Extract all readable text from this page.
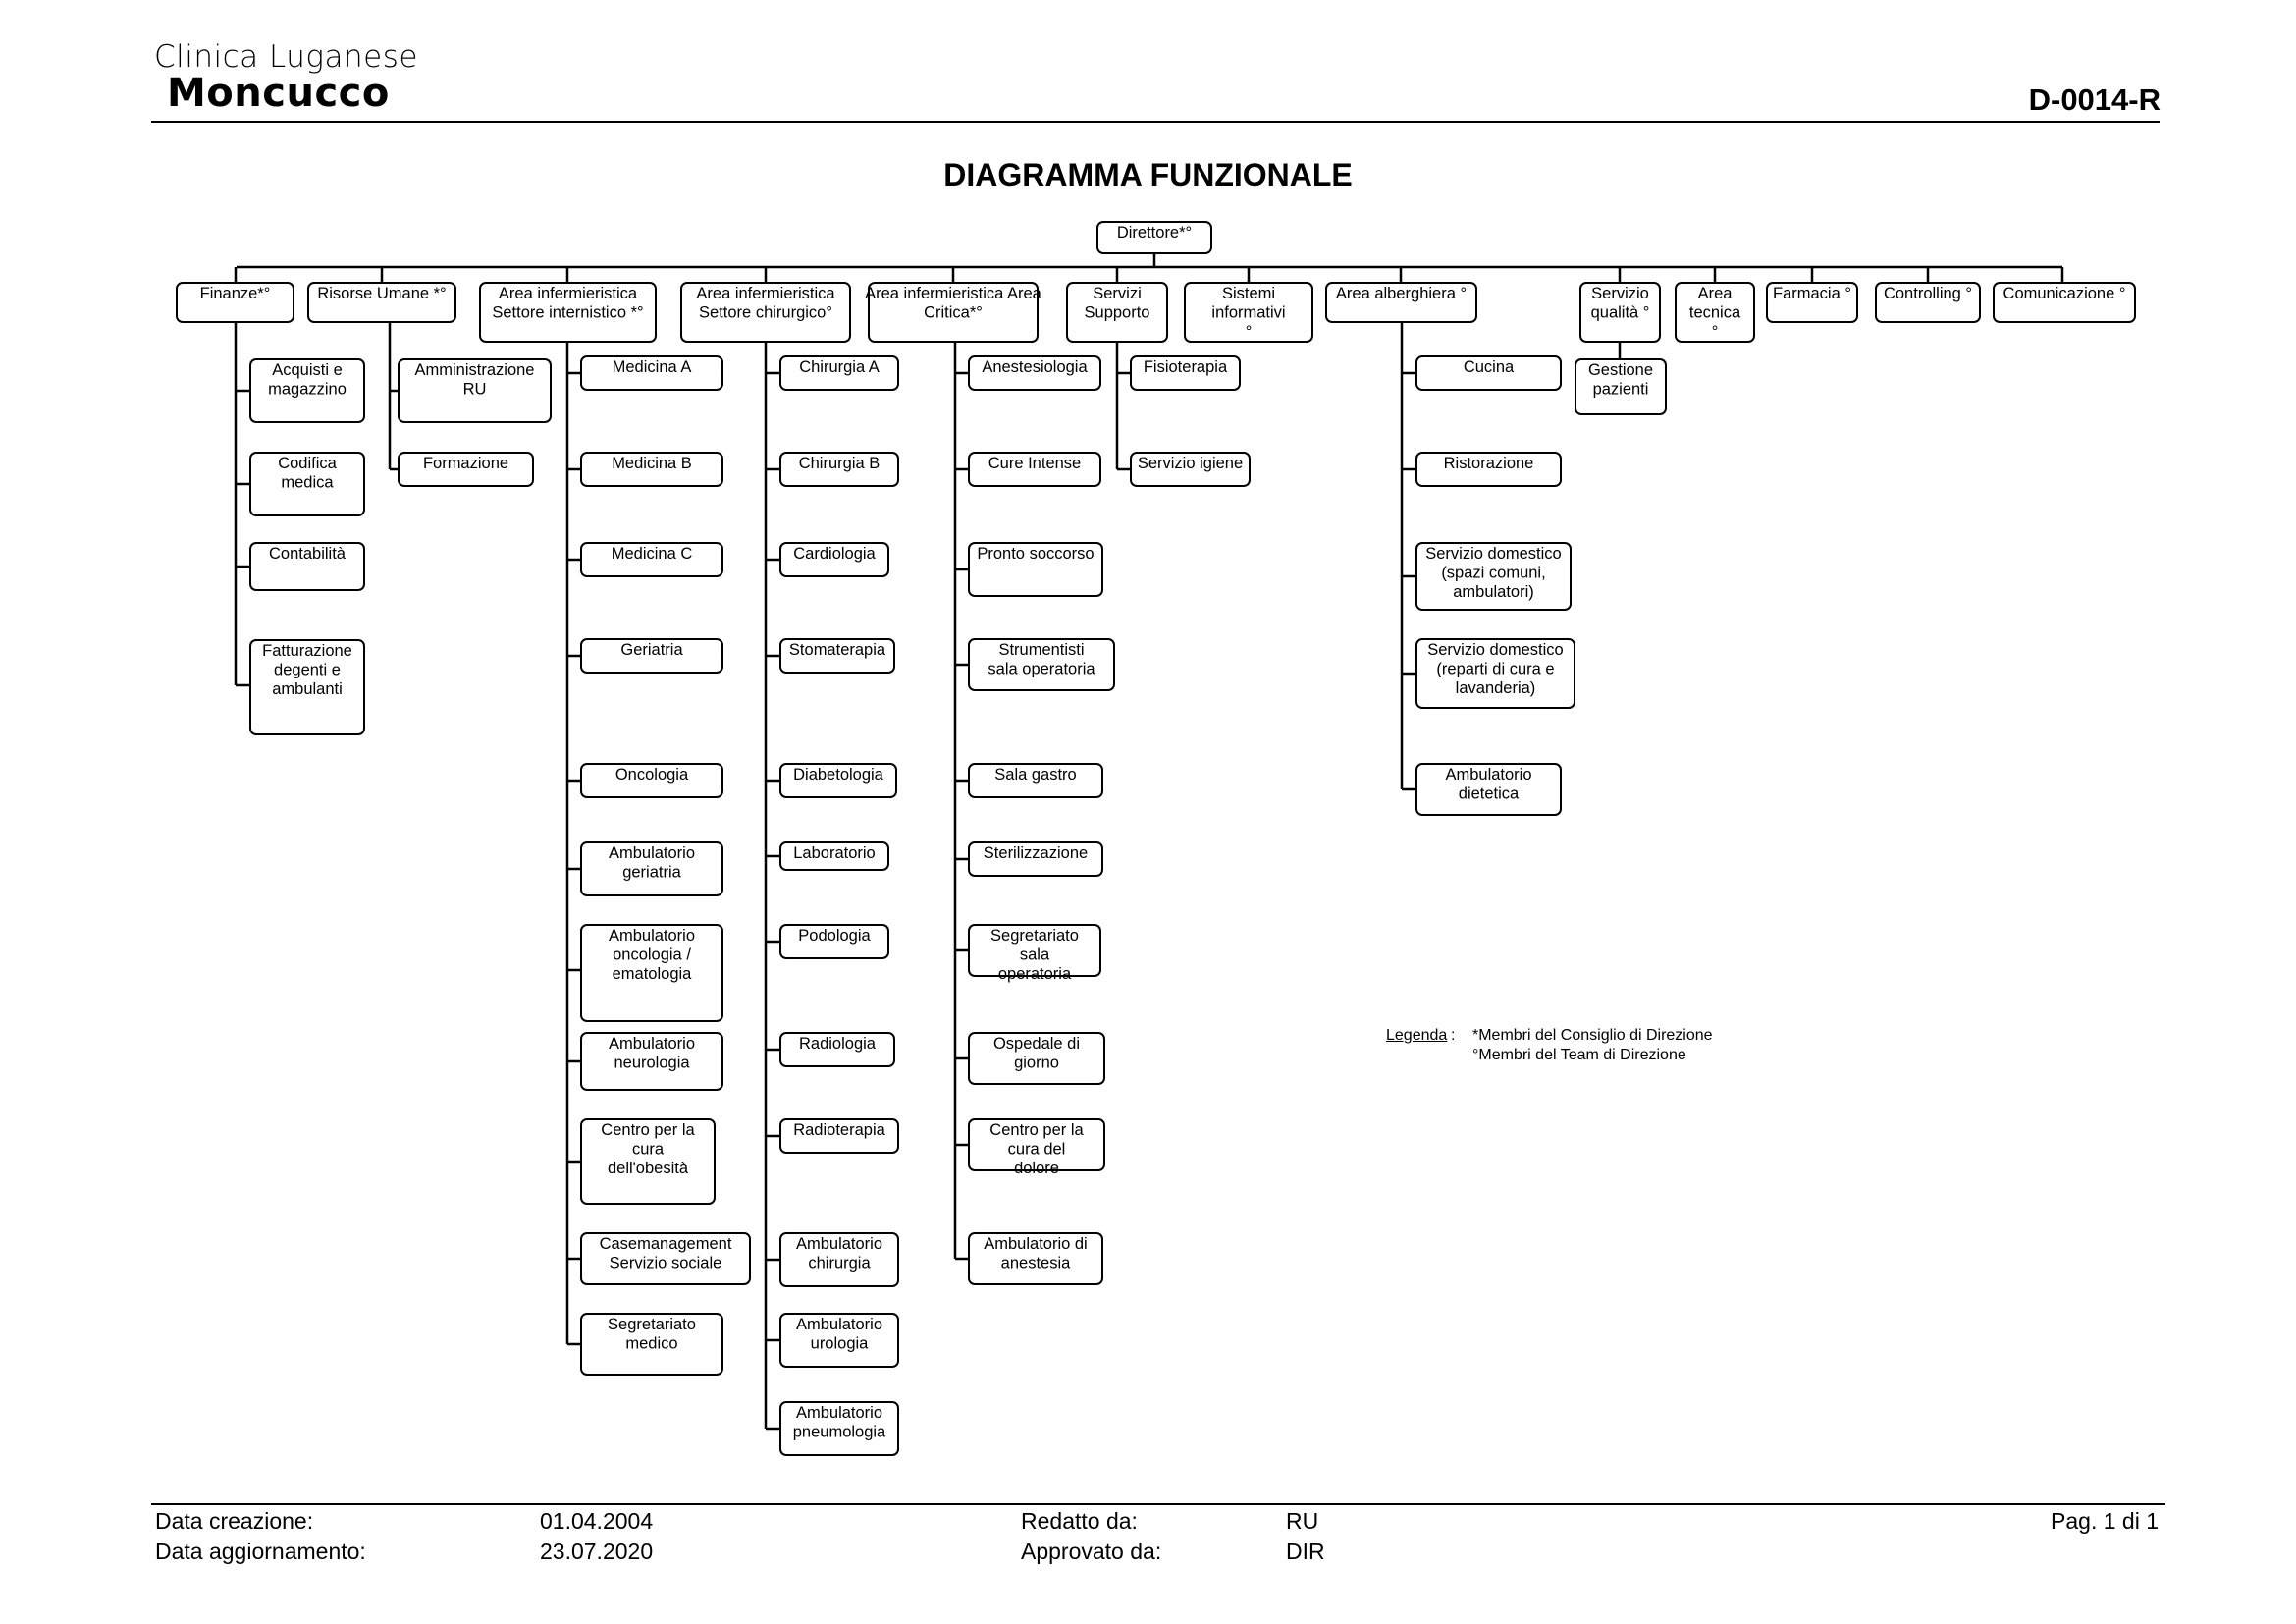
Clinica Luganese
Moncucco	D-0014-R
DIAGRAMMA FUNZIONALE
Direttore*°
Finanze*°
Acquisti e magazzino
Codifica medica
Contabilità
Fatturazione degenti e ambulanti
Risorse Umane *°
Amministrazione RU
Formazione
Area infermieristica Settore internistico *°
Medicina A
Medicina B
Medicina C
Geriatria
Oncologia
Ambulatorio geriatria
Ambulatorio oncologia / ematologia
Ambulatorio neurologia
Centro per la cura dell'obesità
Casemanagement Servizio sociale
Segretariato medico
Area infermieristica Settore chirurgico°
Chirurgia A
Chirurgia B
Cardiologia
Stomaterapia
Diabetologia
Laboratorio
Podologia
Radiologia
Radioterapia
Ambulatorio chirurgia
Ambulatorio urologia
Ambulatorio pneumologia
Area infermieristica Area Critica*°
Anestesiologia
Cure Intense
Pronto soccorso
Strumentisti sala operatoria
Sala gastro
Sterilizzazione
Segretariato sala operatoria
Ospedale di giorno
Centro per la cura del dolore
Ambulatorio di anestesia
Servizi Supporto
Fisioterapia
Servizio igiene
Sistemi informativi °
Area alberghiera °
Cucina
Ristorazione
Servizio domestico (spazi comuni, ambulatori)
Servizio domestico (reparti di cura e lavanderia)
Ambulatorio dietetica
Servizio qualità °
Gestione pazienti
Area tecnica °
Farmacia ° Controlling ° Comunicazione °
Legenda : *Membri del Consiglio di Direzione
°Membri del Team di Direzione
Data creazione:	01.04.2004
Data aggiornamento:	23.07.2020
Redatto da:	RU
Approvato da:	DIR
Pag. 1 di 1
